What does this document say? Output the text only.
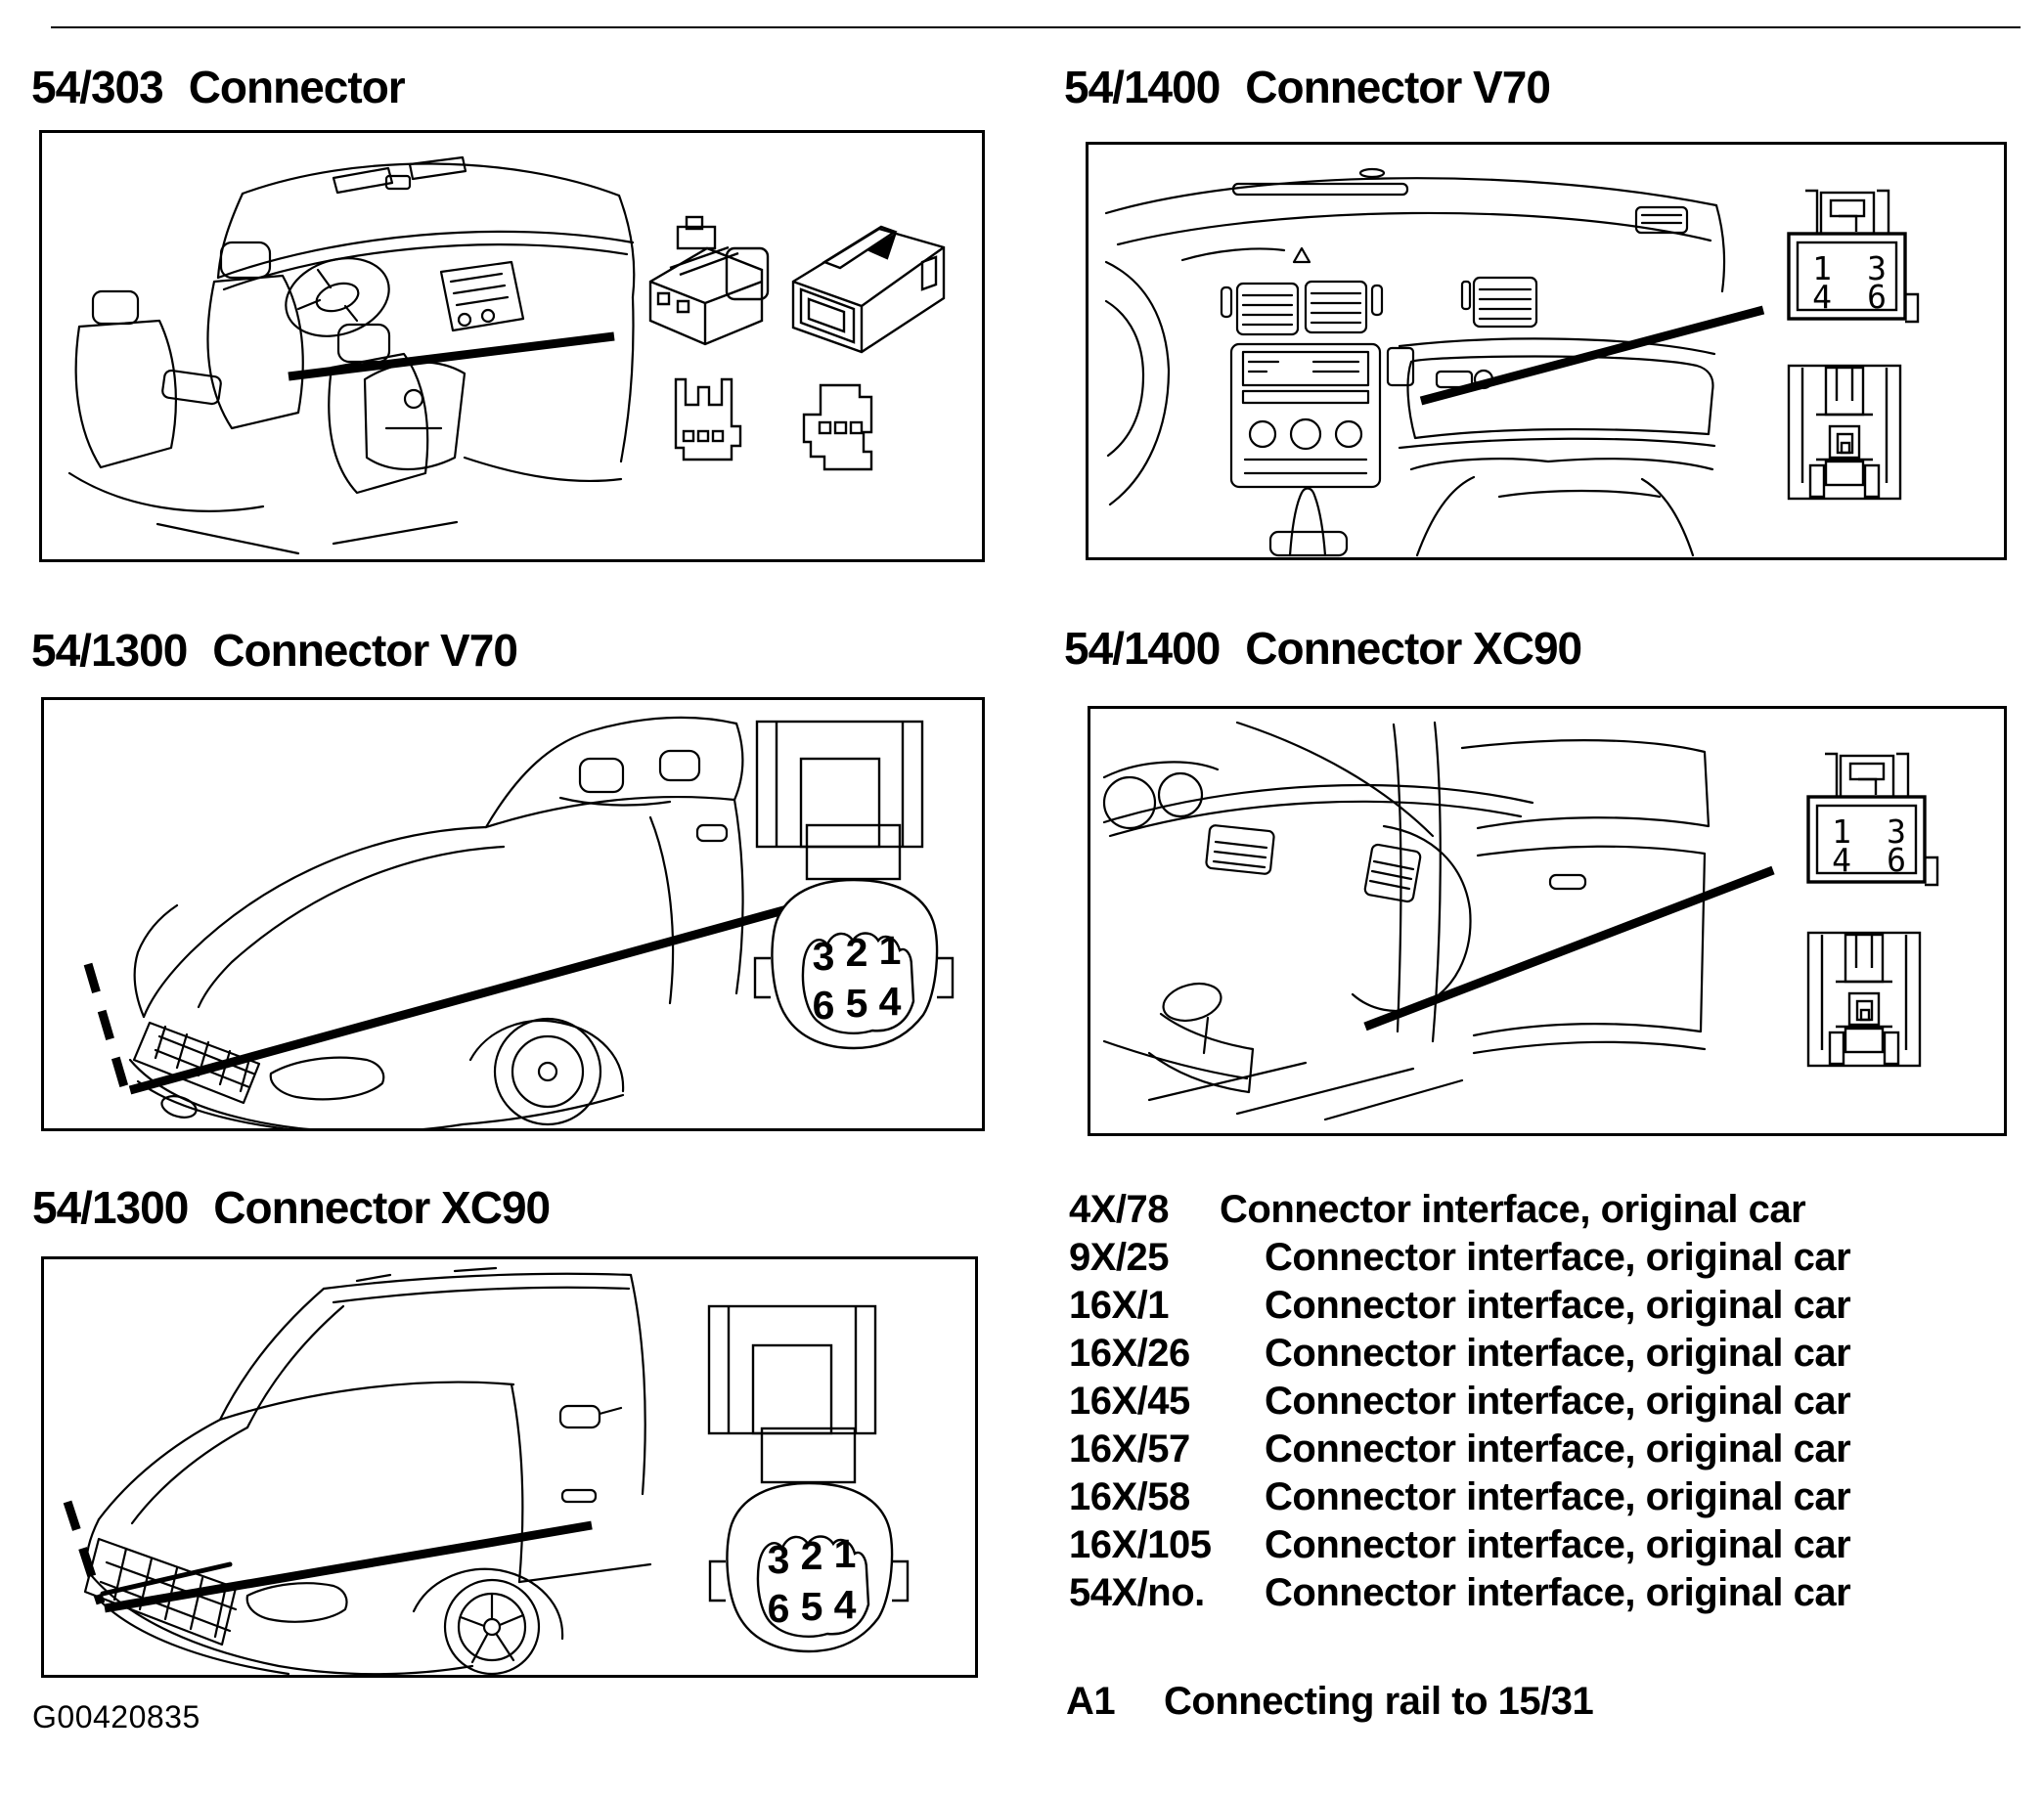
54/303 Connector	54/1400 Connector V70
54/1300 Connector V70	54/1400 Connector XC90
54/1300 Connector XC90
1 3
4 6
3 2 1
6 5 4
1 3
4 6
3 2 1
6 5 4
4X/78	Connector interface, original car
9X/25	Connector interface, original car
16X/1	Connector interface, original car
16X/26	Connector interface, original car
16X/45	Connector interface, original car
16X/57	Connector interface, original car
16X/58	Connector interface, original car
16X/105	Connector interface, original car
54X/no.	Connector interface, original car
A1	Connecting rail to 15/31
G00420835
